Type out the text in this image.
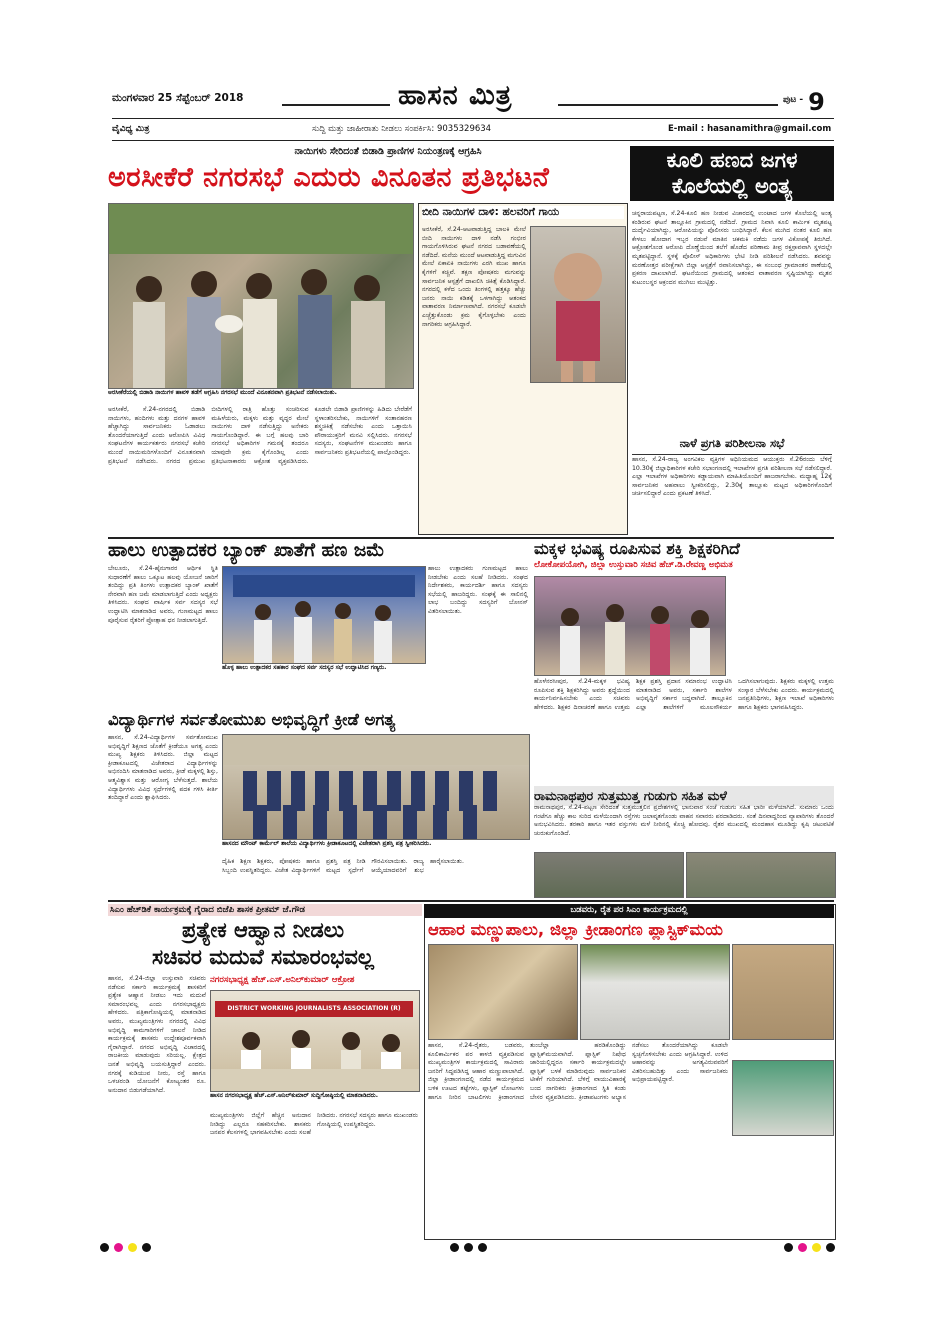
ಮಂಗಳವಾರ 25 ಸೆಪ್ಟೆಂಬರ್ 2018	ಹಾಸನ ಮಿತ್ರ	$^{ಪುಟ -}$ 9
ವೈವಿಧ್ಯ ಮಿತ್ರ	ಸುದ್ದಿ ಮತ್ತು ಜಾಹೀರಾತು ನೀಡಲು ಸಂಪರ್ಕಿಸಿ: 9035329634	E-mail : hasanamithra@gmail.com
ನಾಯಿಗಳು ಸೇರಿದಂತೆ ಬಿಡಾಡಿ ಪ್ರಾಣಿಗಳ ನಿಯಂತ್ರಣಕ್ಕೆ ಆಗ್ರಹಿಸಿ
ಅರಸೀಕೆರೆ ನಗರಸಭೆ ಎದುರು ವಿನೂತನ ಪ್ರತಿಭಟನೆ
ಅರಸೀಕೆರೆಯಲ್ಲಿ ಬಿಡಾಡಿ ನಾಯಿಗಳ ಹಾವಳಿ ತಡೆಗೆ ಆಗ್ರಹಿಸಿ ನಗರಸಭೆ ಮುಂದೆ ವಿನೂತನವಾಗಿ ಪ್ರತಿಭಟನೆ ನಡೆಸಲಾಯಿತು.
ಅರಸೀಕೆರೆ, ಸೆ.24-ನಗರದಲ್ಲಿ ಬಿಡಾಡಿ ನಾಯಿಗಳು, ಹಂದಿಗಳು ಮತ್ತು ದನಗಳ ಹಾವಳಿ ಹೆಚ್ಚಾಗಿದ್ದು ಸಾರ್ವಜನಿಕರು ಓಡಾಡಲು ತೊಂದರೆಯಾಗುತ್ತಿದೆ ಎಂದು ಆರೋಪಿಸಿ ವಿವಿಧ ಸಂಘಟನೆಗಳ ಕಾರ್ಯಕರ್ತರು ನಗರಸಭೆ ಕಚೇರಿ ಮುಂದೆ ನಾಯಿಮರಿಗಳೊಂದಿಗೆ ವಿನೂತನವಾಗಿ ಪ್ರತಿಭಟನೆ ನಡೆಸಿದರು. ನಗರದ ಪ್ರಮುಖ ಬೀದಿಗಳಲ್ಲಿ ರಾತ್ರಿ ಹೊತ್ತು ಸಂಚರಿಸುವ ಮಹಿಳೆಯರು, ಮಕ್ಕಳು ಮತ್ತು ವೃದ್ಧರ ಮೇಲೆ ನಾಯಿಗಳು ದಾಳಿ ನಡೆಸುತ್ತಿದ್ದು ಅನೇಕರು ಗಾಯಗೊಂಡಿದ್ದಾರೆ. ಈ ಬಗ್ಗೆ ಹಲವು ಬಾರಿ ನಗರಸಭೆ ಅಧಿಕಾರಿಗಳ ಗಮನಕ್ಕೆ ತಂದರೂ ಯಾವುದೇ ಕ್ರಮ ಕೈಗೊಂಡಿಲ್ಲ ಎಂದು ಪ್ರತಿಭಟನಾಕಾರರು ಆಕ್ರೋಶ ವ್ಯಕ್ತಪಡಿಸಿದರು. ಕೂಡಲೇ ಬಿಡಾಡಿ ಪ್ರಾಣಿಗಳನ್ನು ಹಿಡಿದು ಬೇರೆಡೆಗೆ ಸ್ಥಳಾಂತರಿಸಬೇಕು, ನಾಯಿಗಳಿಗೆ ಸಂತಾನಹರಣ ಶಸ್ತ್ರಚಿಕಿತ್ಸೆ ನಡೆಸಬೇಕು ಎಂದು ಒತ್ತಾಯಿಸಿ ಪೌರಾಯುಕ್ತರಿಗೆ ಮನವಿ ಸಲ್ಲಿಸಿದರು. ನಗರಸಭೆ ಸದಸ್ಯರು, ಸಂಘಟನೆಗಳ ಮುಖಂಡರು ಹಾಗೂ ಸಾರ್ವಜನಿಕರು ಪ್ರತಿಭಟನೆಯಲ್ಲಿ ಪಾಲ್ಗೊಂಡಿದ್ದರು.
ಬೀದಿ ನಾಯಿಗಳ ದಾಳಿ: ಹಲವರಿಗೆ ಗಾಯ
ಅರಸೀಕೆರೆ, ಸೆ.24-ಆಟವಾಡುತ್ತಿದ್ದ ಬಾಲಕಿ ಮೇಲೆ ಬೀದಿ ನಾಯಿಗಳು ದಾಳಿ ನಡೆಸಿ ಗಂಭೀರ ಗಾಯಗೊಳಿಸಿರುವ ಘಟನೆ ನಗರದ ಬಡಾವಣೆಯಲ್ಲಿ ನಡೆದಿದೆ. ಮನೆಯ ಮುಂದೆ ಆಟವಾಡುತ್ತಿದ್ದ ಮಗುವಿನ ಮೇಲೆ ಏಕಾಏಕಿ ನಾಯಿಗಳು ಎರಗಿ ಮುಖ ಹಾಗೂ ಕೈಗಳಿಗೆ ಕಚ್ಚಿವೆ. ತಕ್ಷಣ ಪೋಷಕರು ಮಗುವನ್ನು ಸಾರ್ವಜನಿಕ ಆಸ್ಪತ್ರೆಗೆ ದಾಖಲಿಸಿ ಚಿಕಿತ್ಸೆ ಕೊಡಿಸಿದ್ದಾರೆ. ನಗರದಲ್ಲಿ ಕಳೆದ ಒಂದು ತಿಂಗಳಲ್ಲಿ ಹತ್ತಕ್ಕೂ ಹೆಚ್ಚು ಜನರು ನಾಯಿ ಕಡಿತಕ್ಕೆ ಒಳಗಾಗಿದ್ದು ಆತಂಕದ ವಾತಾವರಣ ನಿರ್ಮಾಣವಾಗಿದೆ. ನಗರಸಭೆ ಕೂಡಲೇ ಎಚ್ಚೆತ್ತುಕೊಂಡು ಕ್ರಮ ಕೈಗೊಳ್ಳಬೇಕು ಎಂದು ನಾಗರಿಕರು ಆಗ್ರಹಿಸಿದ್ದಾರೆ.
ಕೂಲಿ ಹಣದ ಜಗಳ
ಕೊಲೆಯಲ್ಲಿ ಅಂತ್ಯ
ಚನ್ನರಾಯಪಟ್ಟಣ, ಸೆ.24-ಕೂಲಿ ಹಣ ನೀಡುವ ವಿಚಾರದಲ್ಲಿ ಉಂಟಾದ ಜಗಳ ಕೊಲೆಯಲ್ಲಿ ಅಂತ್ಯ ಕಂಡಿರುವ ಘಟನೆ ತಾಲ್ಲೂಕಿನ ಗ್ರಾಮದಲ್ಲಿ ನಡೆದಿದೆ. ಗ್ರಾಮದ ನಿವಾಸಿ ಕೂಲಿ ಕಾರ್ಮಿಕ ಮೃತಪಟ್ಟ ದುರ್ದೈವಿಯಾಗಿದ್ದು, ಆರೋಪಿಯನ್ನು ಪೊಲೀಸರು ಬಂಧಿಸಿದ್ದಾರೆ. ಕೆಲಸ ಮುಗಿದ ನಂತರ ಕೂಲಿ ಹಣ ಕೇಳಲು ಹೋದಾಗ ಇಬ್ಬರ ನಡುವೆ ಮಾತಿನ ಚಕಮಕಿ ನಡೆದು ಜಗಳ ವಿಕೋಪಕ್ಕೆ ತಿರುಗಿದೆ. ಆಕ್ರೋಶಗೊಂಡ ಆರೋಪಿ ದೊಣ್ಣೆಯಿಂದ ತಲೆಗೆ ಹೊಡೆದ ಪರಿಣಾಮ ತೀವ್ರ ರಕ್ತಸ್ರಾವವಾಗಿ ಸ್ಥಳದಲ್ಲೇ ಮೃತಪಟ್ಟಿದ್ದಾನೆ. ಸ್ಥಳಕ್ಕೆ ಪೊಲೀಸ್ ಅಧಿಕಾರಿಗಳು ಭೇಟಿ ನೀಡಿ ಪರಿಶೀಲನೆ ನಡೆಸಿದರು. ಶವವನ್ನು ಮರಣೋತ್ತರ ಪರೀಕ್ಷೆಗಾಗಿ ಜಿಲ್ಲಾ ಆಸ್ಪತ್ರೆಗೆ ರವಾನಿಸಲಾಗಿದ್ದು, ಈ ಸಂಬಂಧ ಗ್ರಾಮಾಂತರ ಠಾಣೆಯಲ್ಲಿ ಪ್ರಕರಣ ದಾಖಲಾಗಿದೆ. ಘಟನೆಯಿಂದ ಗ್ರಾಮದಲ್ಲಿ ಆತಂಕದ ವಾತಾವರಣ ಸೃಷ್ಟಿಯಾಗಿದ್ದು ಮೃತನ ಕುಟುಂಬಸ್ಥರ ಆಕ್ರಂದನ ಮುಗಿಲು ಮುಟ್ಟಿತ್ತು.
ನಾಳೆ ಪ್ರಗತಿ ಪರಿಶೀಲನಾ ಸಭೆ
ಹಾಸನ, ಸೆ.24-ರಾಜ್ಯ ಅಂಗವಿಕಲ ವ್ಯಕ್ತಿಗಳ ಅಧಿನಿಯಮದ ಆಯುಕ್ತರು ಸೆ.26ರಂದು ಬೆಳಿಗ್ಗೆ 10.30ಕ್ಕೆ ಜಿಲ್ಲಾಧಿಕಾರಿಗಳ ಕಚೇರಿ ಸಭಾಂಗಣದಲ್ಲಿ ಇಲಾಖೆಗಳ ಪ್ರಗತಿ ಪರಿಶೀಲನಾ ಸಭೆ ನಡೆಸಲಿದ್ದಾರೆ. ಎಲ್ಲಾ ಇಲಾಖೆಗಳ ಅಧಿಕಾರಿಗಳು ಕಡ್ಡಾಯವಾಗಿ ಮಾಹಿತಿಯೊಂದಿಗೆ ಹಾಜರಾಗಬೇಕು. ಮಧ್ಯಾಹ್ನ 12ಕ್ಕೆ ಸಾರ್ವಜನಿಕರ ಅಹವಾಲು ಸ್ವೀಕರಿಸಲಿದ್ದು, 2.30ಕ್ಕೆ ತಾಲ್ಲೂಕು ಮಟ್ಟದ ಅಧಿಕಾರಿಗಳೊಂದಿಗೆ ಚರ್ಚಿಸಲಿದ್ದಾರೆ ಎಂದು ಪ್ರಕಟಣೆ ತಿಳಿಸಿದೆ.
ಹಾಲು ಉತ್ಪಾದಕರ ಬ್ಯಾಂಕ್ ಖಾತೆಗೆ ಹಣ ಜಮೆ
ಬೇಲೂರು, ಸೆ.24-ಹೈನುಗಾರರ ಆರ್ಥಿಕ ಸ್ಥಿತಿ ಸುಧಾರಣೆಗೆ ಹಾಲು ಒಕ್ಕೂಟ ಹಲವು ಯೋಜನೆ ಜಾರಿಗೆ ತಂದಿದ್ದು ಪ್ರತಿ ತಿಂಗಳು ಉತ್ಪಾದಕರ ಬ್ಯಾಂಕ್ ಖಾತೆಗೆ ನೇರವಾಗಿ ಹಣ ಜಮೆ ಮಾಡಲಾಗುತ್ತಿದೆ ಎಂದು ಅಧ್ಯಕ್ಷರು ತಿಳಿಸಿದರು. ಸಂಘದ ವಾರ್ಷಿಕ ಸರ್ವ ಸದಸ್ಯರ ಸಭೆ ಉದ್ಘಾಟಿಸಿ ಮಾತನಾಡಿದ ಅವರು, ಗುಣಮಟ್ಟದ ಹಾಲು ಪೂರೈಸುವ ರೈತರಿಗೆ ಪ್ರೋತ್ಸಾಹ ಧನ ನೀಡಲಾಗುತ್ತಿದೆ.
ಹೊಳ್ಳ ಹಾಲು ಉತ್ಪಾದಕರ ಸಹಕಾರ ಸಂಘದ ಸರ್ವ ಸದಸ್ಯರ ಸಭೆ ಉದ್ಘಾಟಿಸಿದ ಗಣ್ಯರು.
ಹಾಲು ಉತ್ಪಾದಕರು ಗುಣಮಟ್ಟದ ಹಾಲು ನೀಡಬೇಕು ಎಂದು ಸಲಹೆ ನೀಡಿದರು. ಸಂಘದ ನಿರ್ದೇಶಕರು, ಕಾರ್ಯದರ್ಶಿ ಹಾಗೂ ಸದಸ್ಯರು ಸಭೆಯಲ್ಲಿ ಹಾಜರಿದ್ದರು. ಸಂಘಕ್ಕೆ ಈ ಸಾಲಿನಲ್ಲಿ ಲಾಭ ಬಂದಿದ್ದು ಸದಸ್ಯರಿಗೆ ಬೋನಸ್ ವಿತರಿಸಲಾಯಿತು.
ಮಕ್ಕಳ ಭವಿಷ್ಯ ರೂಪಿಸುವ ಶಕ್ತಿ ಶಿಕ್ಷಕರಿಗಿದೆ
ಲೋಕೋಪಯೋಗಿ, ಜಿಲ್ಲಾ ಉಸ್ತುವಾರಿ ಸಚಿವ ಹೆಚ್.ಡಿ.ರೇವಣ್ಣ ಅಭಿಮತ
ಹೊಳೆನರಸೀಪುರ, ಸೆ.24-ಮಕ್ಕಳ ಭವಿಷ್ಯ ರೂಪಿಸುವ ಶಕ್ತಿ ಶಿಕ್ಷಕರಿಗಿದ್ದು ಅವರು ಶ್ರದ್ಧೆಯಿಂದ ಕಾರ್ಯನಿರ್ವಹಿಸಬೇಕು ಎಂದು ಸಚಿವರು ಹೇಳಿದರು. ಶಿಕ್ಷಕರ ದಿನಾಚರಣೆ ಹಾಗೂ ಉತ್ತಮ ಶಿಕ್ಷಕ ಪ್ರಶಸ್ತಿ ಪ್ರದಾನ ಸಮಾರಂಭ ಉದ್ಘಾಟಿಸಿ ಮಾತನಾಡಿದ ಅವರು, ಸರ್ಕಾರಿ ಶಾಲೆಗಳ ಅಭಿವೃದ್ಧಿಗೆ ಸರ್ಕಾರ ಬದ್ಧವಾಗಿದೆ. ತಾಲ್ಲೂಕಿನ ಎಲ್ಲಾ ಶಾಲೆಗಳಿಗೆ ಮೂಲಸೌಕರ್ಯ ಒದಗಿಸಲಾಗುವುದು. ಶಿಕ್ಷಕರು ಮಕ್ಕಳಲ್ಲಿ ಉತ್ತಮ ಸಂಸ್ಕಾರ ಬೆಳೆಸಬೇಕು ಎಂದರು. ಕಾರ್ಯಕ್ರಮದಲ್ಲಿ ಜನಪ್ರತಿನಿಧಿಗಳು, ಶಿಕ್ಷಣ ಇಲಾಖೆ ಅಧಿಕಾರಿಗಳು ಹಾಗೂ ಶಿಕ್ಷಕರು ಭಾಗವಹಿಸಿದ್ದರು.
ವಿದ್ಯಾರ್ಥಿಗಳ ಸರ್ವತೋಮುಖ ಅಭಿವೃದ್ಧಿಗೆ ಕ್ರೀಡೆ ಅಗತ್ಯ
ಹಾಸನ, ಸೆ.24-ವಿದ್ಯಾರ್ಥಿಗಳ ಸರ್ವತೋಮುಖ ಅಭಿವೃದ್ಧಿಗೆ ಶಿಕ್ಷಣದ ಜೊತೆಗೆ ಕ್ರೀಡೆಯೂ ಅಗತ್ಯ ಎಂದು ಮುಖ್ಯ ಶಿಕ್ಷಕರು ತಿಳಿಸಿದರು. ಜಿಲ್ಲಾ ಮಟ್ಟದ ಕ್ರೀಡಾಕೂಟದಲ್ಲಿ ವಿಜೇತರಾದ ವಿದ್ಯಾರ್ಥಿಗಳನ್ನು ಅಭಿನಂದಿಸಿ ಮಾತನಾಡಿದ ಅವರು, ಕ್ರೀಡೆ ಮಕ್ಕಳಲ್ಲಿ ಶಿಸ್ತು, ಆತ್ಮವಿಶ್ವಾಸ ಮತ್ತು ಆರೋಗ್ಯ ಬೆಳೆಸುತ್ತದೆ. ಶಾಲೆಯ ವಿದ್ಯಾರ್ಥಿಗಳು ವಿವಿಧ ಸ್ಪರ್ಧೆಗಳಲ್ಲಿ ಪದಕ ಗಳಿಸಿ ಕೀರ್ತಿ ತಂದಿದ್ದಾರೆ ಎಂದು ಶ್ಲಾಘಿಸಿದರು.
ಹಾಸನದ ಮೌಂಟ್ ಕಾರ್ಮೆಲ್ ಶಾಲೆಯ ವಿದ್ಯಾರ್ಥಿಗಳು ಕ್ರೀಡಾಕೂಟದಲ್ಲಿ ವಿಜೇತರಾಗಿ ಪ್ರಶಸ್ತಿ ಪತ್ರ ಸ್ವೀಕರಿಸಿದರು.
ದೈಹಿಕ ಶಿಕ್ಷಣ ಶಿಕ್ಷಕರು, ಪೋಷಕರು ಹಾಗೂ ಸಿಬ್ಬಂದಿ ಉಪಸ್ಥಿತರಿದ್ದರು. ವಿಜೇತ ವಿದ್ಯಾರ್ಥಿಗಳಿಗೆ ಪ್ರಶಸ್ತಿ ಪತ್ರ ನೀಡಿ ಗೌರವಿಸಲಾಯಿತು. ರಾಜ್ಯ ಮಟ್ಟದ ಸ್ಪರ್ಧೆಗೆ ಆಯ್ಕೆಯಾದವರಿಗೆ ಶುಭ ಹಾರೈಸಲಾಯಿತು.
ರಾಮನಾಥಪುರ ಸುತ್ತಮುತ್ತ ಗುಡುಗು ಸಹಿತ ಮಳೆ
ರಾಮನಾಥಪುರ, ಸೆ.24-ಪಟ್ಟಣ ಸೇರಿದಂತೆ ಸುತ್ತಮುತ್ತಲಿನ ಪ್ರದೇಶಗಳಲ್ಲಿ ಭಾನುವಾರ ಸಂಜೆ ಗುಡುಗು ಸಹಿತ ಭಾರೀ ಮಳೆಯಾಗಿದೆ. ಸುಮಾರು ಒಂದು ಗಂಟೆಗೂ ಹೆಚ್ಚು ಕಾಲ ಸುರಿದ ಮಳೆಯಿಂದಾಗಿ ರಸ್ತೆಗಳು ಜಲಾವೃತಗೊಂಡು ವಾಹನ ಸವಾರರು ಪರದಾಡಿದರು. ಸಂತೆ ದಿನವಾದ್ದರಿಂದ ವ್ಯಾಪಾರಿಗಳು ತೊಂದರೆ ಅನುಭವಿಸಿದರು. ತರಕಾರಿ ಹಾಗೂ ಇತರ ವಸ್ತುಗಳು ಮಳೆ ನೀರಿನಲ್ಲಿ ಕೊಚ್ಚಿ ಹೋದವು. ರೈತರ ಮುಖದಲ್ಲಿ ಮಂದಹಾಸ ಮೂಡಿದ್ದು ಕೃಷಿ ಚಟುವಟಿಕೆ ಚುರುಕುಗೊಂಡಿದೆ.
ಸಿಎಂ ಹೆಚ್‌ಡಿಕೆ ಕಾರ್ಯಕ್ರಮಕ್ಕೆ ಗೈರಾದ ಬಿಜೆಪಿ ಶಾಸಕ ಪ್ರೀತಮ್ ಜೆ.ಗೌಡ
ಪ್ರತ್ಯೇಕ ಆಹ್ವಾನ ನೀಡಲು
ಸಚಿವರ ಮದುವೆ ಸಮಾರಂಭವಲ್ಲ
ನಗರಸಭಾಧ್ಯಕ್ಷ ಹೆಚ್.ಎಸ್.ಅನಿಲ್‌ಕುಮಾರ್ ಆಕ್ರೋಶ
ಹಾಸನ, ಸೆ.24-ಜಿಲ್ಲಾ ಉಸ್ತುವಾರಿ ಸಚಿವರು ನಡೆಸುವ ಸರ್ಕಾರಿ ಕಾರ್ಯಕ್ರಮಕ್ಕೆ ಶಾಸಕರಿಗೆ ಪ್ರತ್ಯೇಕ ಆಹ್ವಾನ ನೀಡಲು ಇದು ಮದುವೆ ಸಮಾರಂಭವಲ್ಲ ಎಂದು ನಗರಸಭಾಧ್ಯಕ್ಷರು ಹೇಳಿದರು. ಪತ್ರಿಕಾಗೋಷ್ಠಿಯಲ್ಲಿ ಮಾತನಾಡಿದ ಅವರು, ಮುಖ್ಯಮಂತ್ರಿಗಳು ನಗರದಲ್ಲಿ ವಿವಿಧ ಅಭಿವೃದ್ಧಿ ಕಾಮಗಾರಿಗಳಿಗೆ ಚಾಲನೆ ನೀಡಿದ ಕಾರ್ಯಕ್ರಮಕ್ಕೆ ಶಾಸಕರು ಉದ್ದೇಶಪೂರ್ವಕವಾಗಿ ಗೈರಾಗಿದ್ದಾರೆ. ನಗರದ ಅಭಿವೃದ್ಧಿ ವಿಚಾರದಲ್ಲಿ ರಾಜಕೀಯ ಮಾಡುವುದು ಸರಿಯಲ್ಲ. ಕ್ಷೇತ್ರದ ಜನತೆ ಅಭಿವೃದ್ಧಿ ಬಯಸುತ್ತಿದ್ದಾರೆ ಎಂದರು. ನಗರಕ್ಕೆ ಕುಡಿಯುವ ನೀರು, ರಸ್ತೆ ಹಾಗೂ ಒಳಚರಂಡಿ ಯೋಜನೆಗೆ ಕೋಟ್ಯಂತರ ರೂ. ಅನುದಾನ ಬಿಡುಗಡೆಯಾಗಿದೆ.
DISTRICT WORKING JOURNALISTS ASSOCIATION (R)
ಹಾಸನ ನಗರಸಭಾಧ್ಯಕ್ಷ ಹೆಚ್.ಎಸ್.ಅನಿಲ್‌ಕುಮಾರ್ ಸುದ್ದಿಗೋಷ್ಠಿಯಲ್ಲಿ ಮಾತನಾಡಿದರು.
ಮುಖ್ಯಮಂತ್ರಿಗಳು ಜಿಲ್ಲೆಗೆ ಹೆಚ್ಚಿನ ಅನುದಾನ ನೀಡಿದ್ದು ಎಲ್ಲರೂ ಸಹಕರಿಸಬೇಕು. ಶಾಸಕರು ಜನಪರ ಕೆಲಸಗಳಲ್ಲಿ ಭಾಗವಹಿಸಬೇಕು ಎಂದು ಸಲಹೆ ನೀಡಿದರು. ನಗರಸಭೆ ಸದಸ್ಯರು ಹಾಗೂ ಮುಖಂಡರು ಗೋಷ್ಠಿಯಲ್ಲಿ ಉಪಸ್ಥಿತರಿದ್ದರು.
ಬಡವರು, ರೈತ ಪರ ಸಿಎಂ ಕಾರ್ಯಕ್ರಮದಲ್ಲಿ
ಆಹಾರ ಮಣ್ಣುಪಾಲು, ಜಿಲ್ಲಾ ಕ್ರೀಡಾಂಗಣ ಪ್ಲಾಸ್ಟಿಕ್‌ಮಯ
ಹಾಸನ, ಸೆ.24-ರೈತರು, ಬಡವರು, ಕೂಲಿಕಾರ್ಮಿಕರ ಪರ ಕಾಳಜಿ ವ್ಯಕ್ತಪಡಿಸುವ ಮುಖ್ಯಮಂತ್ರಿಗಳ ಕಾರ್ಯಕ್ರಮದಲ್ಲಿ ಸಾವಿರಾರು ಜನರಿಗೆ ಸಿದ್ಧಪಡಿಸಿದ್ದ ಆಹಾರ ಮಣ್ಣುಪಾಲಾಗಿದೆ. ಜಿಲ್ಲಾ ಕ್ರೀಡಾಂಗಣದಲ್ಲಿ ನಡೆದ ಕಾರ್ಯಕ್ರಮದ ಬಳಿಕ ಊಟದ ತಟ್ಟೆಗಳು, ಪ್ಲಾಸ್ಟಿಕ್ ಲೋಟಗಳು ಹಾಗೂ ನೀರಿನ ಬಾಟಲಿಗಳು ಕ್ರೀಡಾಂಗಣದ ತುಂಬೆಲ್ಲಾ ಹರಡಿಕೊಂಡಿದ್ದು ಪ್ಲಾಸ್ಟಿಕ್‌ಮಯವಾಗಿದೆ. ಪ್ಲಾಸ್ಟಿಕ್ ನಿಷೇಧ ಜಾರಿಯಲ್ಲಿದ್ದರೂ ಸರ್ಕಾರಿ ಕಾರ್ಯಕ್ರಮದಲ್ಲೇ ಪ್ಲಾಸ್ಟಿಕ್ ಬಳಕೆ ಮಾಡಿರುವುದು ಸಾರ್ವಜನಿಕರ ಟೀಕೆಗೆ ಗುರಿಯಾಗಿದೆ. ಬೆಳಿಗ್ಗೆ ವಾಯುವಿಹಾರಕ್ಕೆ ಬಂದ ನಾಗರಿಕರು ಕ್ರೀಡಾಂಗಣದ ಸ್ಥಿತಿ ಕಂಡು ಬೇಸರ ವ್ಯಕ್ತಪಡಿಸಿದರು. ಕ್ರೀಡಾಪಟುಗಳು ಅಭ್ಯಾಸ ನಡೆಸಲು ತೊಂದರೆಯಾಗಿದ್ದು ಕೂಡಲೇ ಸ್ವಚ್ಛಗೊಳಿಸಬೇಕು ಎಂದು ಆಗ್ರಹಿಸಿದ್ದಾರೆ. ಉಳಿದ ಆಹಾರವನ್ನು ಅಗತ್ಯವಿರುವವರಿಗೆ ವಿತರಿಸಬಹುದಿತ್ತು ಎಂದು ಸಾರ್ವಜನಿಕರು ಅಭಿಪ್ರಾಯಪಟ್ಟಿದ್ದಾರೆ.
